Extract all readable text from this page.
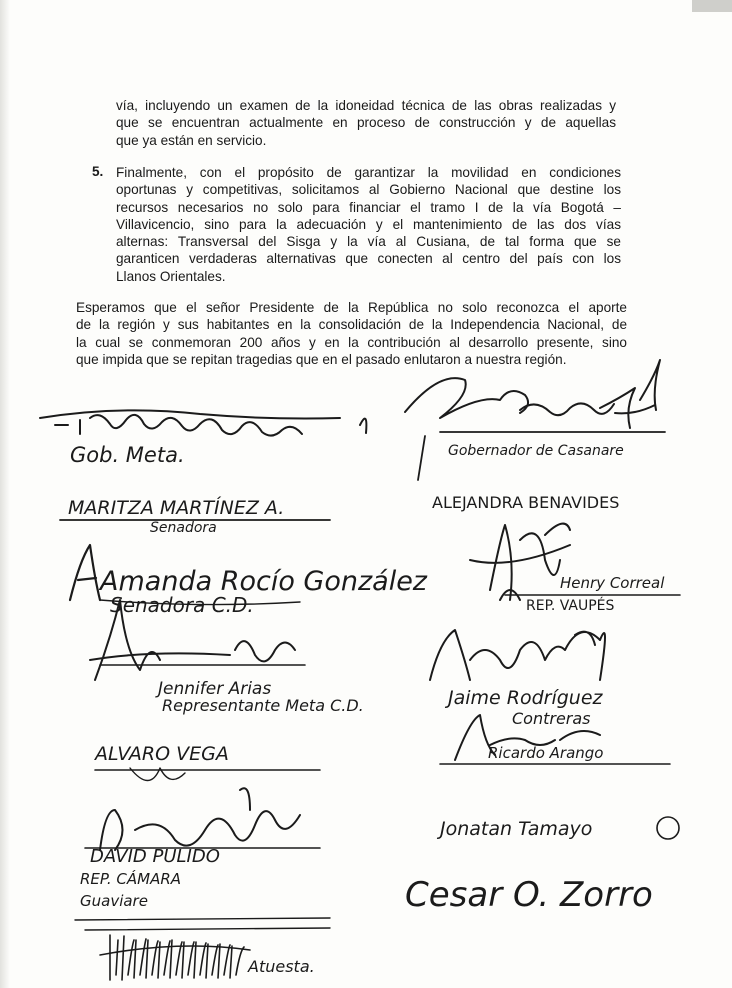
vía, incluyendo un examen de la idoneidad técnica de las obras realizadas y
que se encuentran actualmente en proceso de construcción y de aquellas
que ya están en servicio.

5. Finalmente, con el propósito de garantizar la movilidad en condiciones
oportunas y competitivas, solicitamos al Gobierno Nacional que destine los
recursos necesarios no solo para financiar el tramo I de la vía Bogotá –
Villavicencio, sino para la adecuación y el mantenimiento de las dos vías
alternas: Transversal del Sisga y la vía al Cusiana, de tal forma que se
garanticen verdaderas alternativas que conecten al centro del país con los
Llanos Orientales.

Esperamos que el señor Presidente de la República no solo reconozca el aporte
de la región y sus habitantes en la consolidación de la Independencia Nacional, de
la cual se conmemoran 200 años y en la contribución al desarrollo presente, sino
que impida que se repitan tragedias que en el pasado enlutaron a nuestra región.

Gob. Meta.	Gobernador de Casanare
MARITZA MARTÍNEZ A.
Senadora
ALEJANDRA BENAVIDES
Amanda Rocío González
Senadora C.D.
Henry Correal
REP. VAUPÉS
Jennifer Arias
Representante Meta C.D.	Jaime Rodríguez
Contreras
ALVARO VEGA	Ricardo Arango
Jonatan Tamayo
DAVID PULIDO
REP. CÁMARA
Guaviare	Cesar O. Zorro
Atuesta.
